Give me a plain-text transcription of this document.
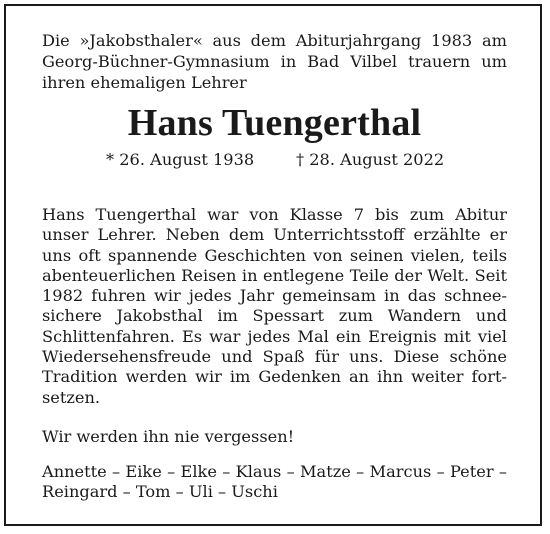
Die »Jakobsthaler« aus dem Abiturjahrgang 1983 am Georg-Büchner-Gymnasium in Bad Vilbel trauern um ihren ehemaligen Lehrer
Hans Tuengerthal
* 26. August 1938	† 28. August 2022
Hans Tuengerthal war von Klasse 7 bis zum Abitur unser Lehrer. Neben dem Unterrichtsstoff erzählte er uns oft spannende Geschichten von seinen vielen, teils abenteuerlichen Reisen in entlegene Teile der Welt. Seit 1982 fuhren wir jedes Jahr gemeinsam in das schneesichere Jakobsthal im Spessart zum Wandern und Schlittenfahren. Es war jedes Mal ein Ereignis mit viel Wiedersehensfreude und Spaß für uns. Diese schöne Tradition werden wir im Gedenken an ihn weiter fortsetzen.
Wir werden ihn nie vergessen!
Annette – Eike – Elke – Klaus – Matze – Marcus – Peter – Reingard – Tom – Uli – Uschi
